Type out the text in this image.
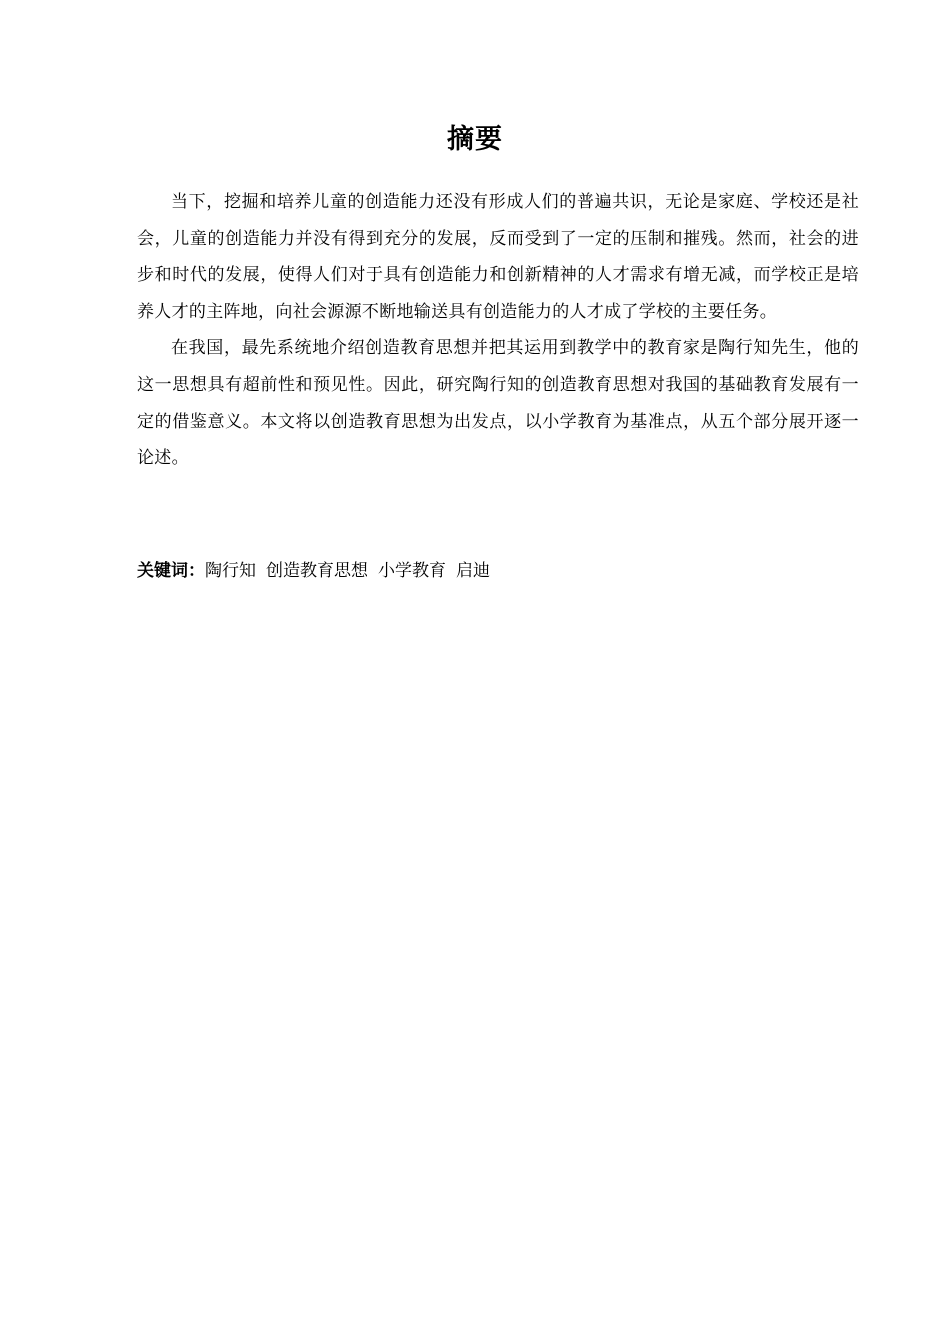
摘要

当下，挖掘和培养儿童的创造能力还没有形成人们的普遍共识，无论是家庭、学校还是社会，儿童的创造能力并没有得到充分的发展，反而受到了一定的压制和摧残。然而，社会的进步和时代的发展，使得人们对于具有创造能力和创新精神的人才需求有增无减，而学校正是培养人才的主阵地，向社会源源不断地输送具有创造能力的人才成了学校的主要任务。

在我国，最先系统地介绍创造教育思想并把其运用到教学中的教育家是陶行知先生，他的这一思想具有超前性和预见性。因此，研究陶行知的创造教育思想对我国的基础教育发展有一定的借鉴意义。本文将以创造教育思想为出发点，以小学教育为基准点，从五个部分展开逐一论述。

关键词：陶行知 创造教育思想 小学教育 启迪
